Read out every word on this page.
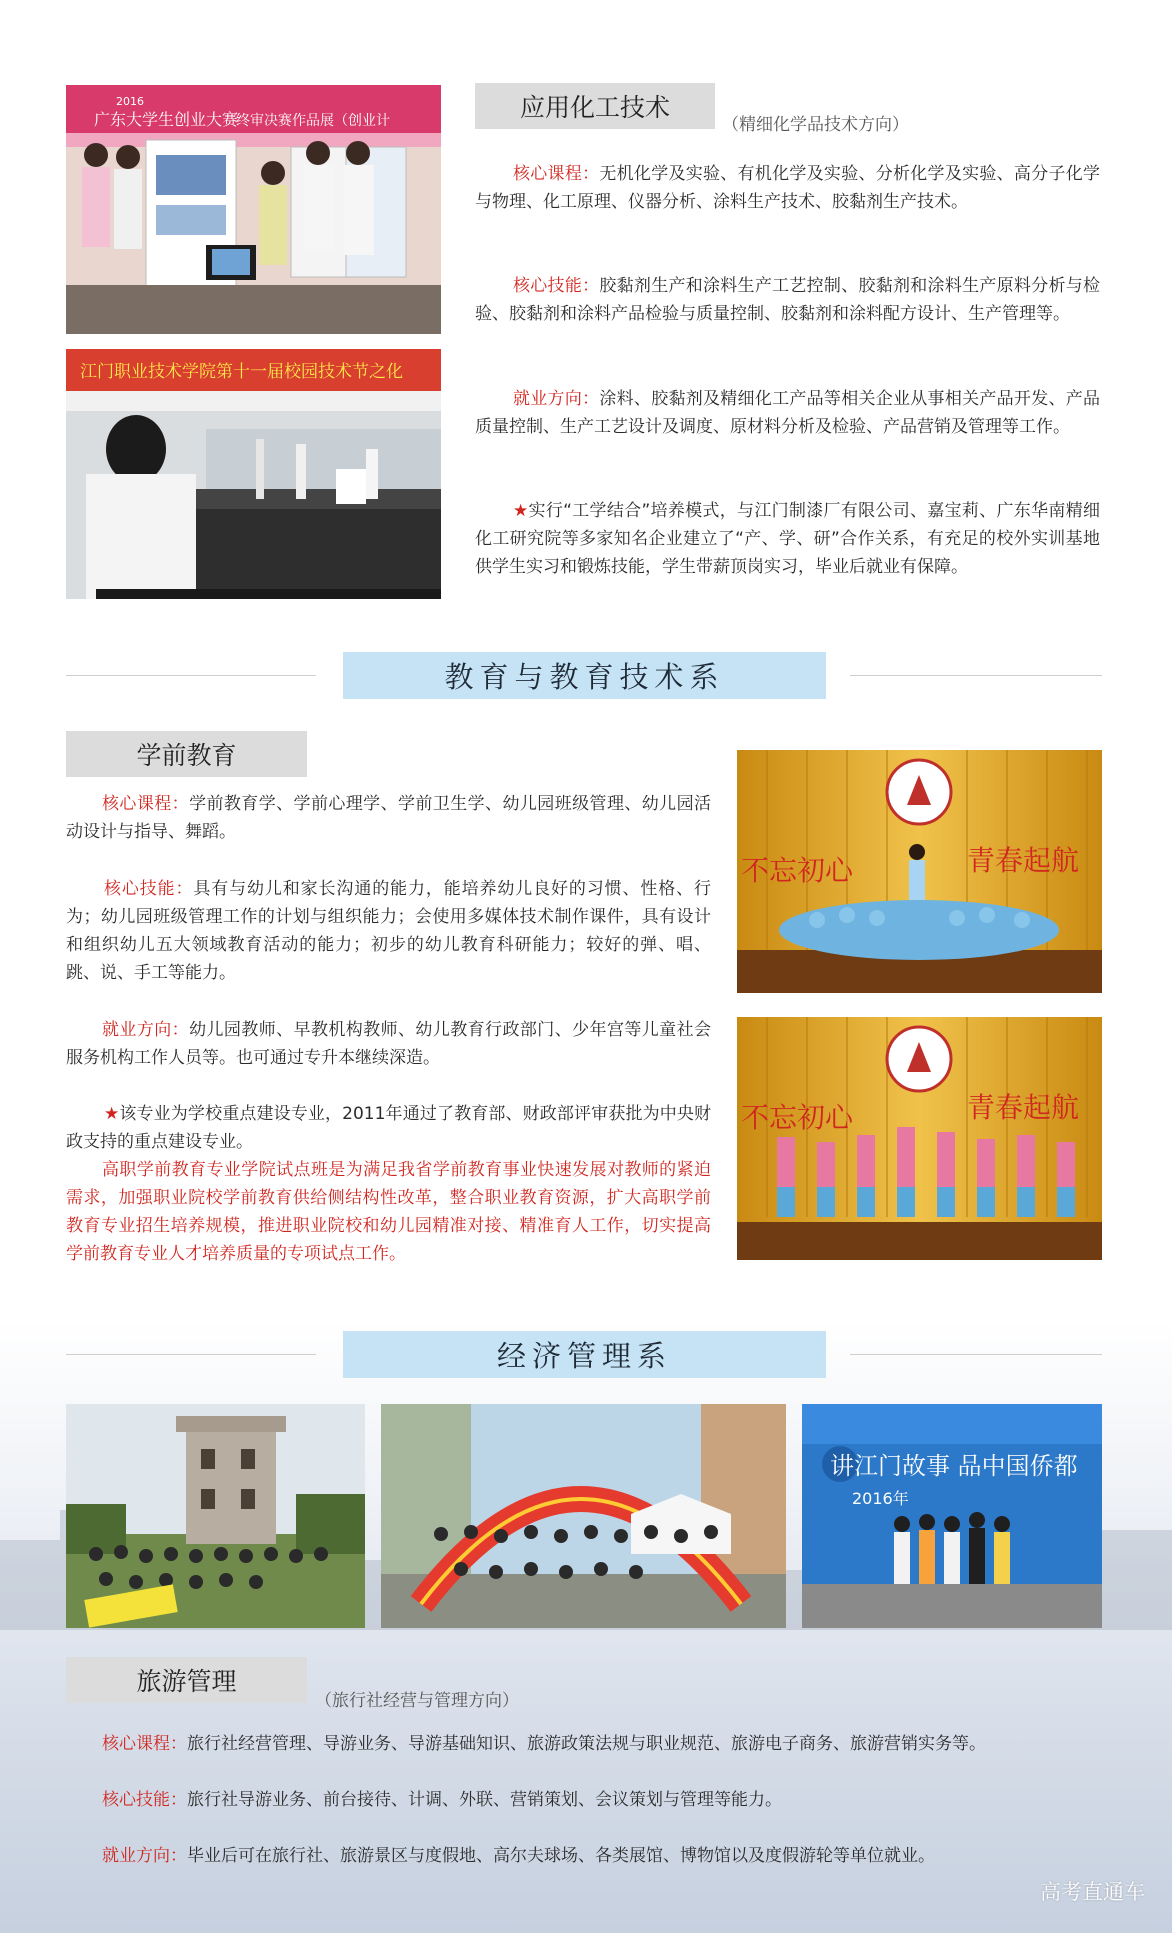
2016
广东大学生创业大赛
终审决赛作品展（创业计
江门职业技术学院第十一届校园技术节之化
应用化工技术
（精细化学品技术方向）

核心课程：无机化学及实验、有机化学及实验、分析化学及实验、高分子化学与物理、化工原理、仪器分析、涂料生产技术、胶黏剂生产技术。

核心技能：胶黏剂生产和涂料生产工艺控制、胶黏剂和涂料生产原料分析与检验、胶黏剂和涂料产品检验与质量控制、胶黏剂和涂料配方设计、生产管理等。

就业方向：涂料、胶黏剂及精细化工产品等相关企业从事相关产品开发、产品质量控制、生产工艺设计及调度、原材料分析及检验、产品营销及管理等工作。

★实行“工学结合”培养模式，与江门制漆厂有限公司、嘉宝莉、广东华南精细化工研究院等多家知名企业建立了“产、学、研”合作关系，有充足的校外实训基地供学生实习和锻炼技能，学生带薪顶岗实习，毕业后就业有保障。

教育与教育技术系
学前教育

核心课程：学前教育学、学前心理学、学前卫生学、幼儿园班级管理、幼儿园活动设计与指导、舞蹈。

核心技能：具有与幼儿和家长沟通的能力，能培养幼儿良好的习惯、性格、行为；幼儿园班级管理工作的计划与组织能力；会使用多媒体技术制作课件，具有设计和组织幼儿五大领域教育活动的能力；初步的幼儿教育科研能力；较好的弹、唱、跳、说、手工等能力。

就业方向：幼儿园教师、早教机构教师、幼儿教育行政部门、少年宫等儿童社会服务机构工作人员等。也可通过专升本继续深造。

★该专业为学校重点建设专业，2011年通过了教育部、财政部评审获批为中央财政支持的重点建设专业。

高职学前教育专业学院试点班是为满足我省学前教育事业快速发展对教师的紧迫需求，加强职业院校学前教育供给侧结构性改革，整合职业教育资源，扩大高职学前教育专业招生培养规模，推进职业院校和幼儿园精准对接、精准育人工作，切实提高学前教育专业人才培养质量的专项试点工作。

不忘初心	青春起航
不忘初心	青春起航
经济管理系
讲江门故事 品中国侨都
2016年
旅游管理
（旅行社经营与管理方向）

核心课程：旅行社经营管理、导游业务、导游基础知识、旅游政策法规与职业规范、旅游电子商务、旅游营销实务等。

核心技能：旅行社导游业务、前台接待、计调、外联、营销策划、会议策划与管理等能力。

就业方向：毕业后可在旅行社、旅游景区与度假地、高尔夫球场、各类展馆、博物馆以及度假游轮等单位就业。

高考直通车
